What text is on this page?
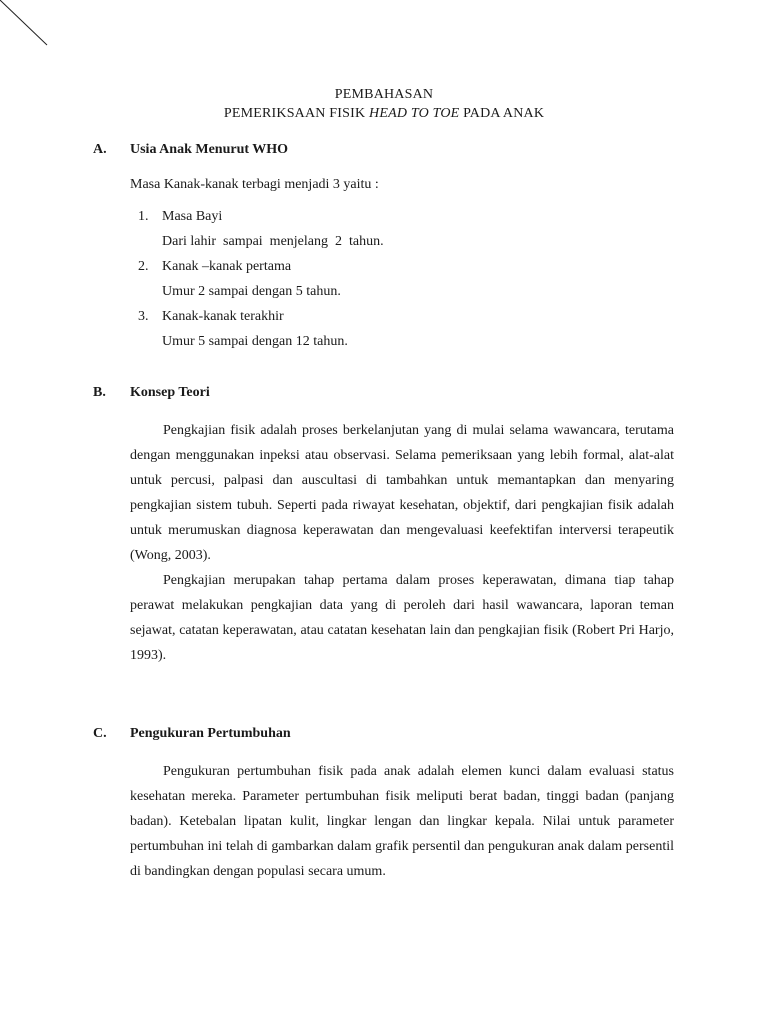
PEMBAHASAN
PEMERIKSAAN FISIK HEAD TO TOE PADA ANAK
A. Usia Anak Menurut WHO
Masa Kanak-kanak terbagi menjadi 3 yaitu :
1. Masa Bayi
Dari lahir  sampai  menjelang  2  tahun.
2. Kanak –kanak pertama
Umur 2 sampai dengan 5 tahun.
3. Kanak-kanak terakhir
Umur 5 sampai dengan 12 tahun.
B. Konsep Teori

Pengkajian fisik adalah proses berkelanjutan yang di mulai selama wawancara, terutama dengan menggunakan inpeksi atau observasi. Selama pemeriksaan yang lebih formal, alat-alat untuk percusi, palpasi dan auscultasi di tambahkan untuk memantapkan dan menyaring pengkajian sistem tubuh. Seperti pada riwayat kesehatan, objektif, dari pengkajian fisik adalah untuk merumuskan diagnosa keperawatan dan mengevaluasi keefektifan interversi terapeutik (Wong, 2003).

Pengkajian merupakan tahap pertama dalam proses keperawatan, dimana tiap tahap perawat melakukan pengkajian data yang di peroleh dari hasil wawancara, laporan teman sejawat, catatan keperawatan, atau catatan kesehatan lain dan pengkajian fisik (Robert Pri Harjo, 1993).

C. Pengukuran Pertumbuhan

Pengukuran pertumbuhan fisik pada anak adalah elemen kunci dalam evaluasi status kesehatan mereka. Parameter pertumbuhan fisik meliputi berat badan, tinggi badan (panjang badan). Ketebalan lipatan kulit, lingkar lengan dan lingkar kepala. Nilai untuk parameter pertumbuhan ini telah di gambarkan dalam grafik persentil dan pengukuran anak dalam persentil di bandingkan dengan populasi secara umum.
